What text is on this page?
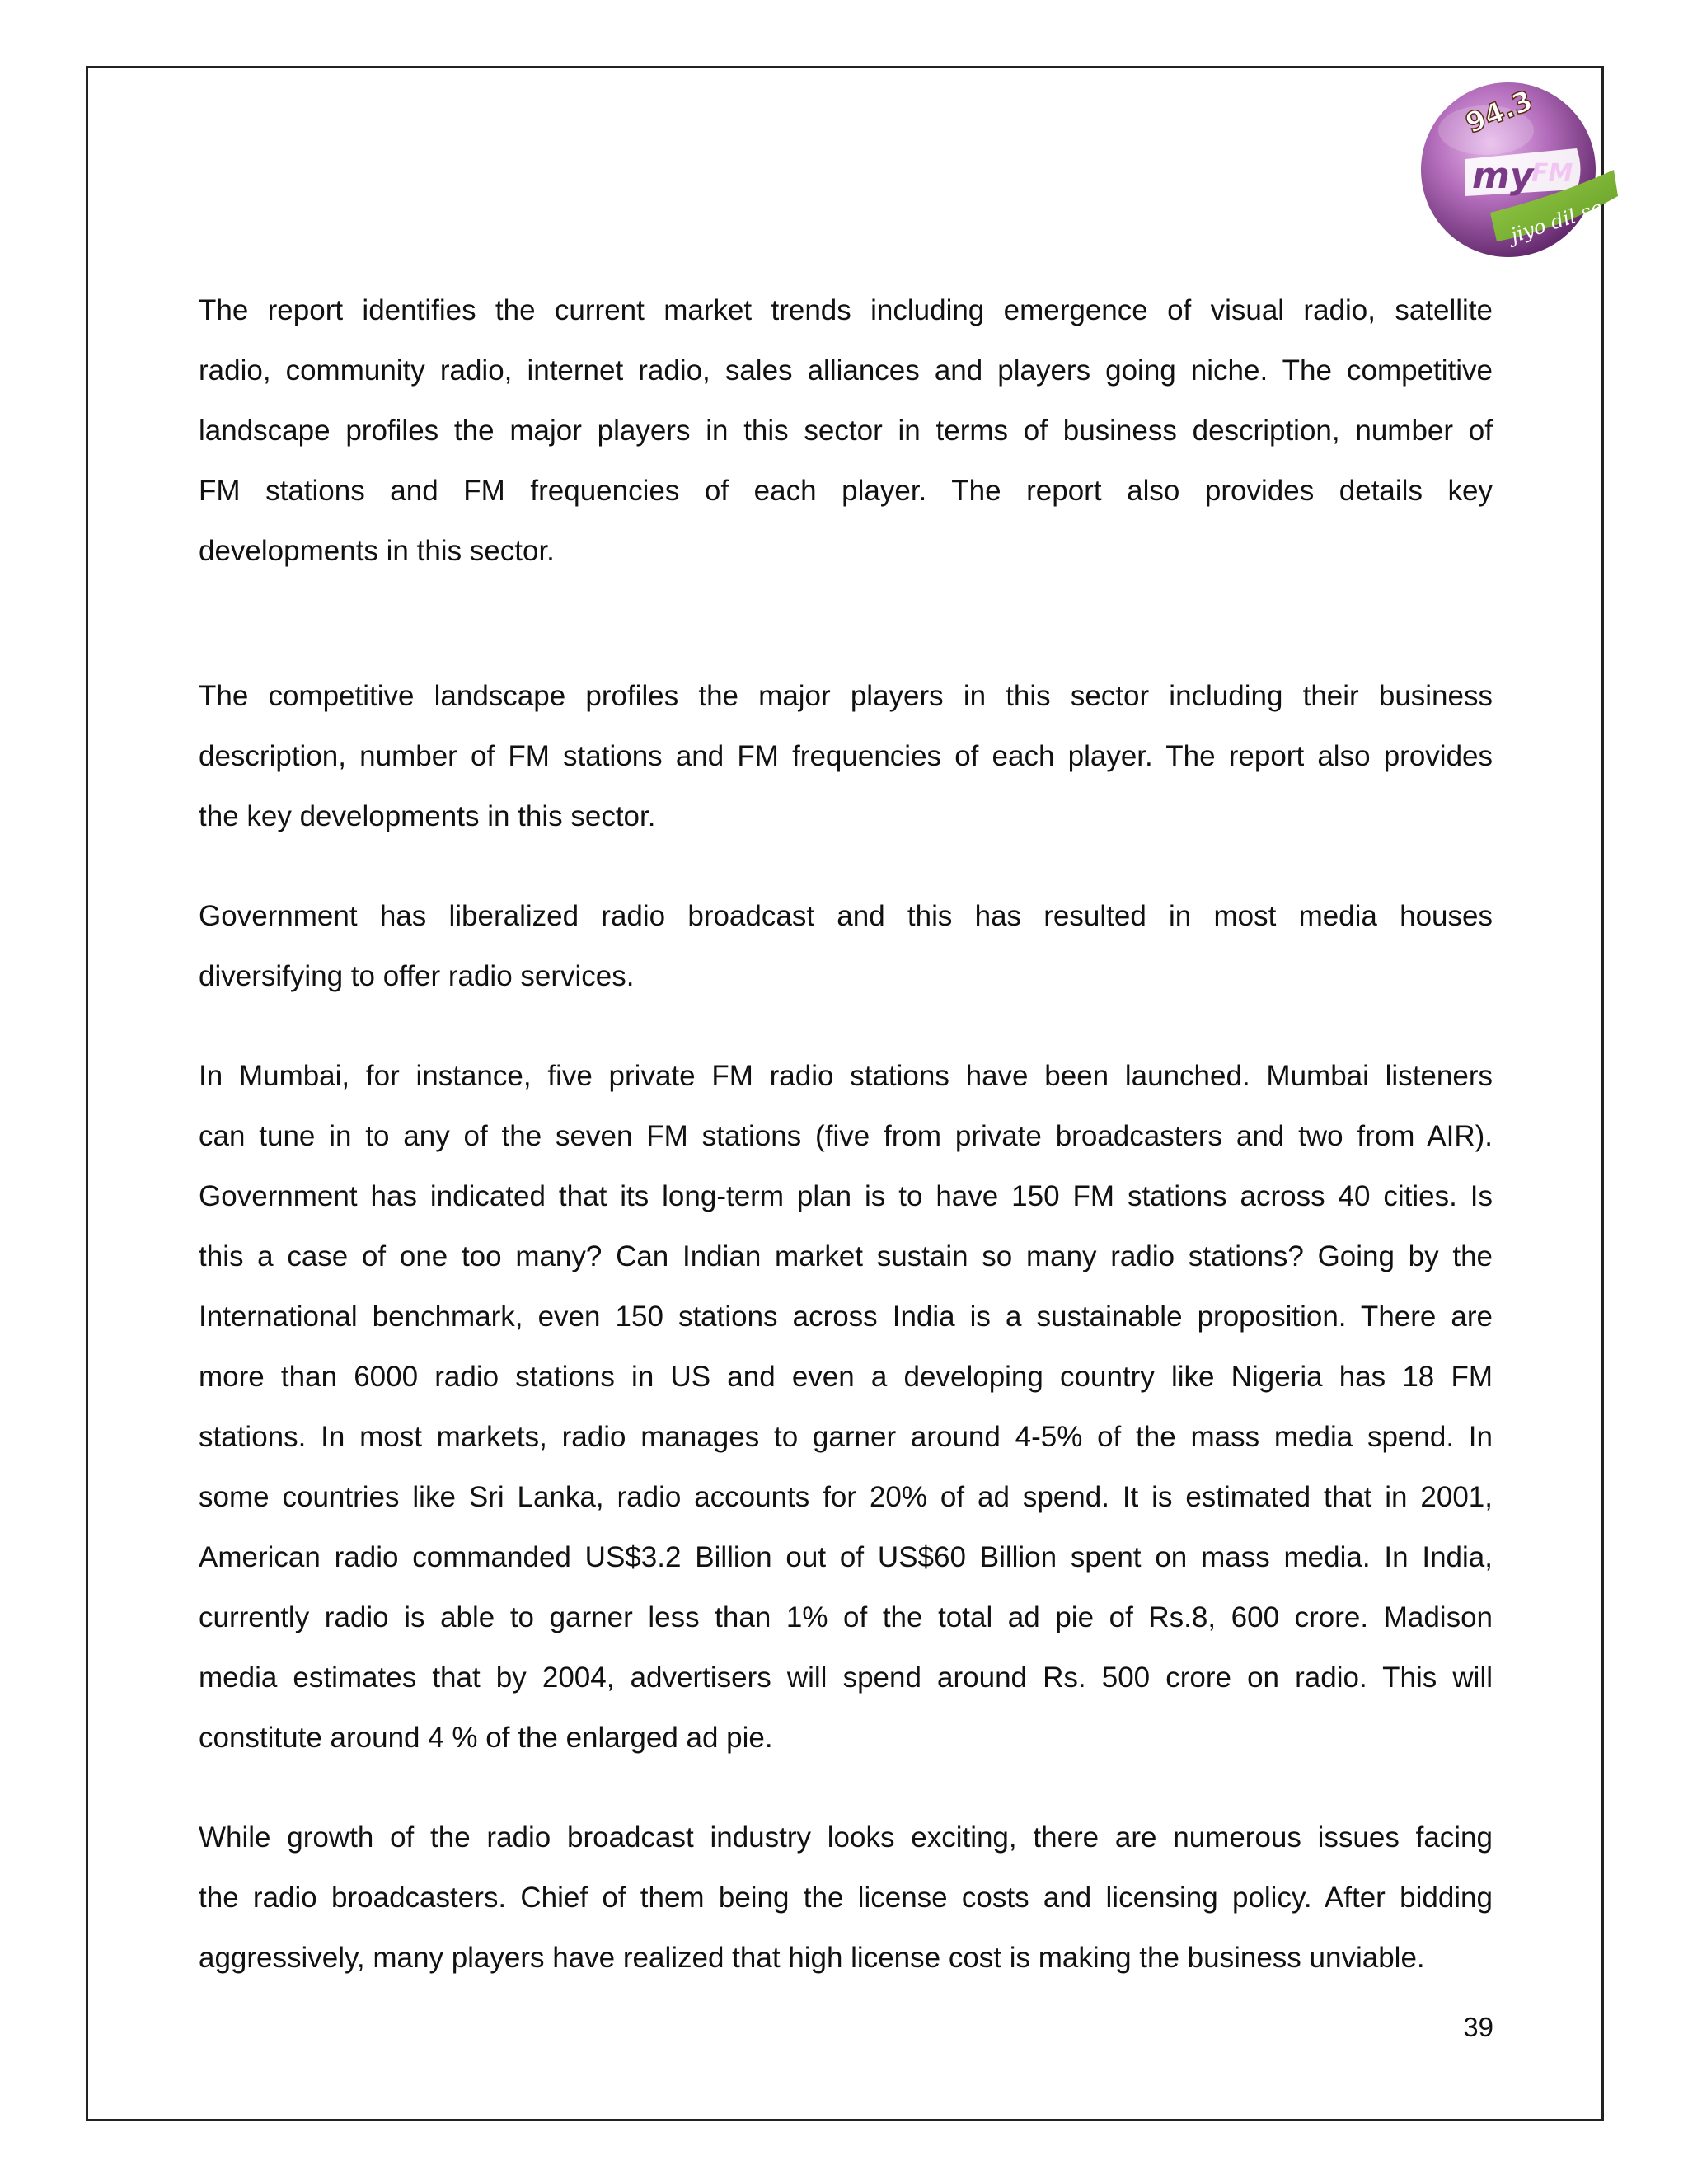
94.3
my
FM
jiyo dil se

The report identifies the current market trends including emergence of visual radio, satellite
radio, community radio, internet radio, sales alliances and players going niche. The competitive
landscape profiles the major players in this sector in terms of business description, number of
FM stations and FM frequencies of each player. The report also provides details key
developments in this sector.

The competitive landscape profiles the major players in this sector including their business
description, number of FM stations and FM frequencies of each player. The report also provides
the key developments in this sector.

Government has liberalized radio broadcast and this has resulted in most media houses
diversifying to offer radio services.

In Mumbai, for instance, five private FM radio stations have been launched. Mumbai listeners
can tune in to any of the seven FM stations (five from private broadcasters and two from AIR).
Government has indicated that its long-term plan is to have 150 FM stations across 40 cities. Is
this a case of one too many? Can Indian market sustain so many radio stations? Going by the
International benchmark, even 150 stations across India is a sustainable proposition. There are
more than 6000 radio stations in US and even a developing country like Nigeria has 18 FM
stations. In most markets, radio manages to garner around 4-5% of the mass media spend. In
some countries like Sri Lanka, radio accounts for 20% of ad spend. It is estimated that in 2001,
American radio commanded US$3.2 Billion out of US$60 Billion spent on mass media. In India,
currently radio is able to garner less than 1% of the total ad pie of Rs.8, 600 crore. Madison
media estimates that by 2004, advertisers will spend around Rs. 500 crore on radio. This will
constitute around 4 % of the enlarged ad pie.

While growth of the radio broadcast industry looks exciting, there are numerous issues facing
the radio broadcasters. Chief of them being the license costs and licensing policy. After bidding
aggressively, many players have realized that high license cost is making the business unviable.

39
